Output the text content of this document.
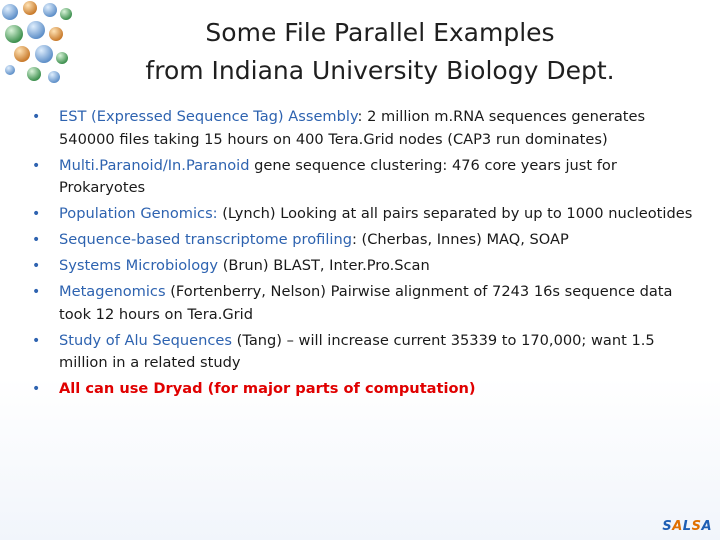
Some File Parallel Examples
from Indiana University Biology Dept.
• EST (Expressed Sequence Tag) Assembly: 2 million m.RNA sequences generates 540000 files taking 15 hours on 400 Tera.Grid nodes (CAP3 run dominates)
• Multi.Paranoid/In.Paranoid gene sequence clustering: 476 core years just for Prokaryotes
• Population Genomics: (Lynch) Looking at all pairs separated by up to 1000 nucleotides
• Sequence-based transcriptome profiling: (Cherbas, Innes) MAQ, SOAP
• Systems Microbiology (Brun) BLAST, Inter.Pro.Scan
• Metagenomics (Fortenberry, Nelson) Pairwise alignment of 7243 16s sequence data took 12 hours on Tera.Grid
• Study of Alu Sequences (Tang) – will increase current 35339 to 170,000; want 1.5 million in a related study
• All can use Dryad (for major parts of computation)
SALSA
